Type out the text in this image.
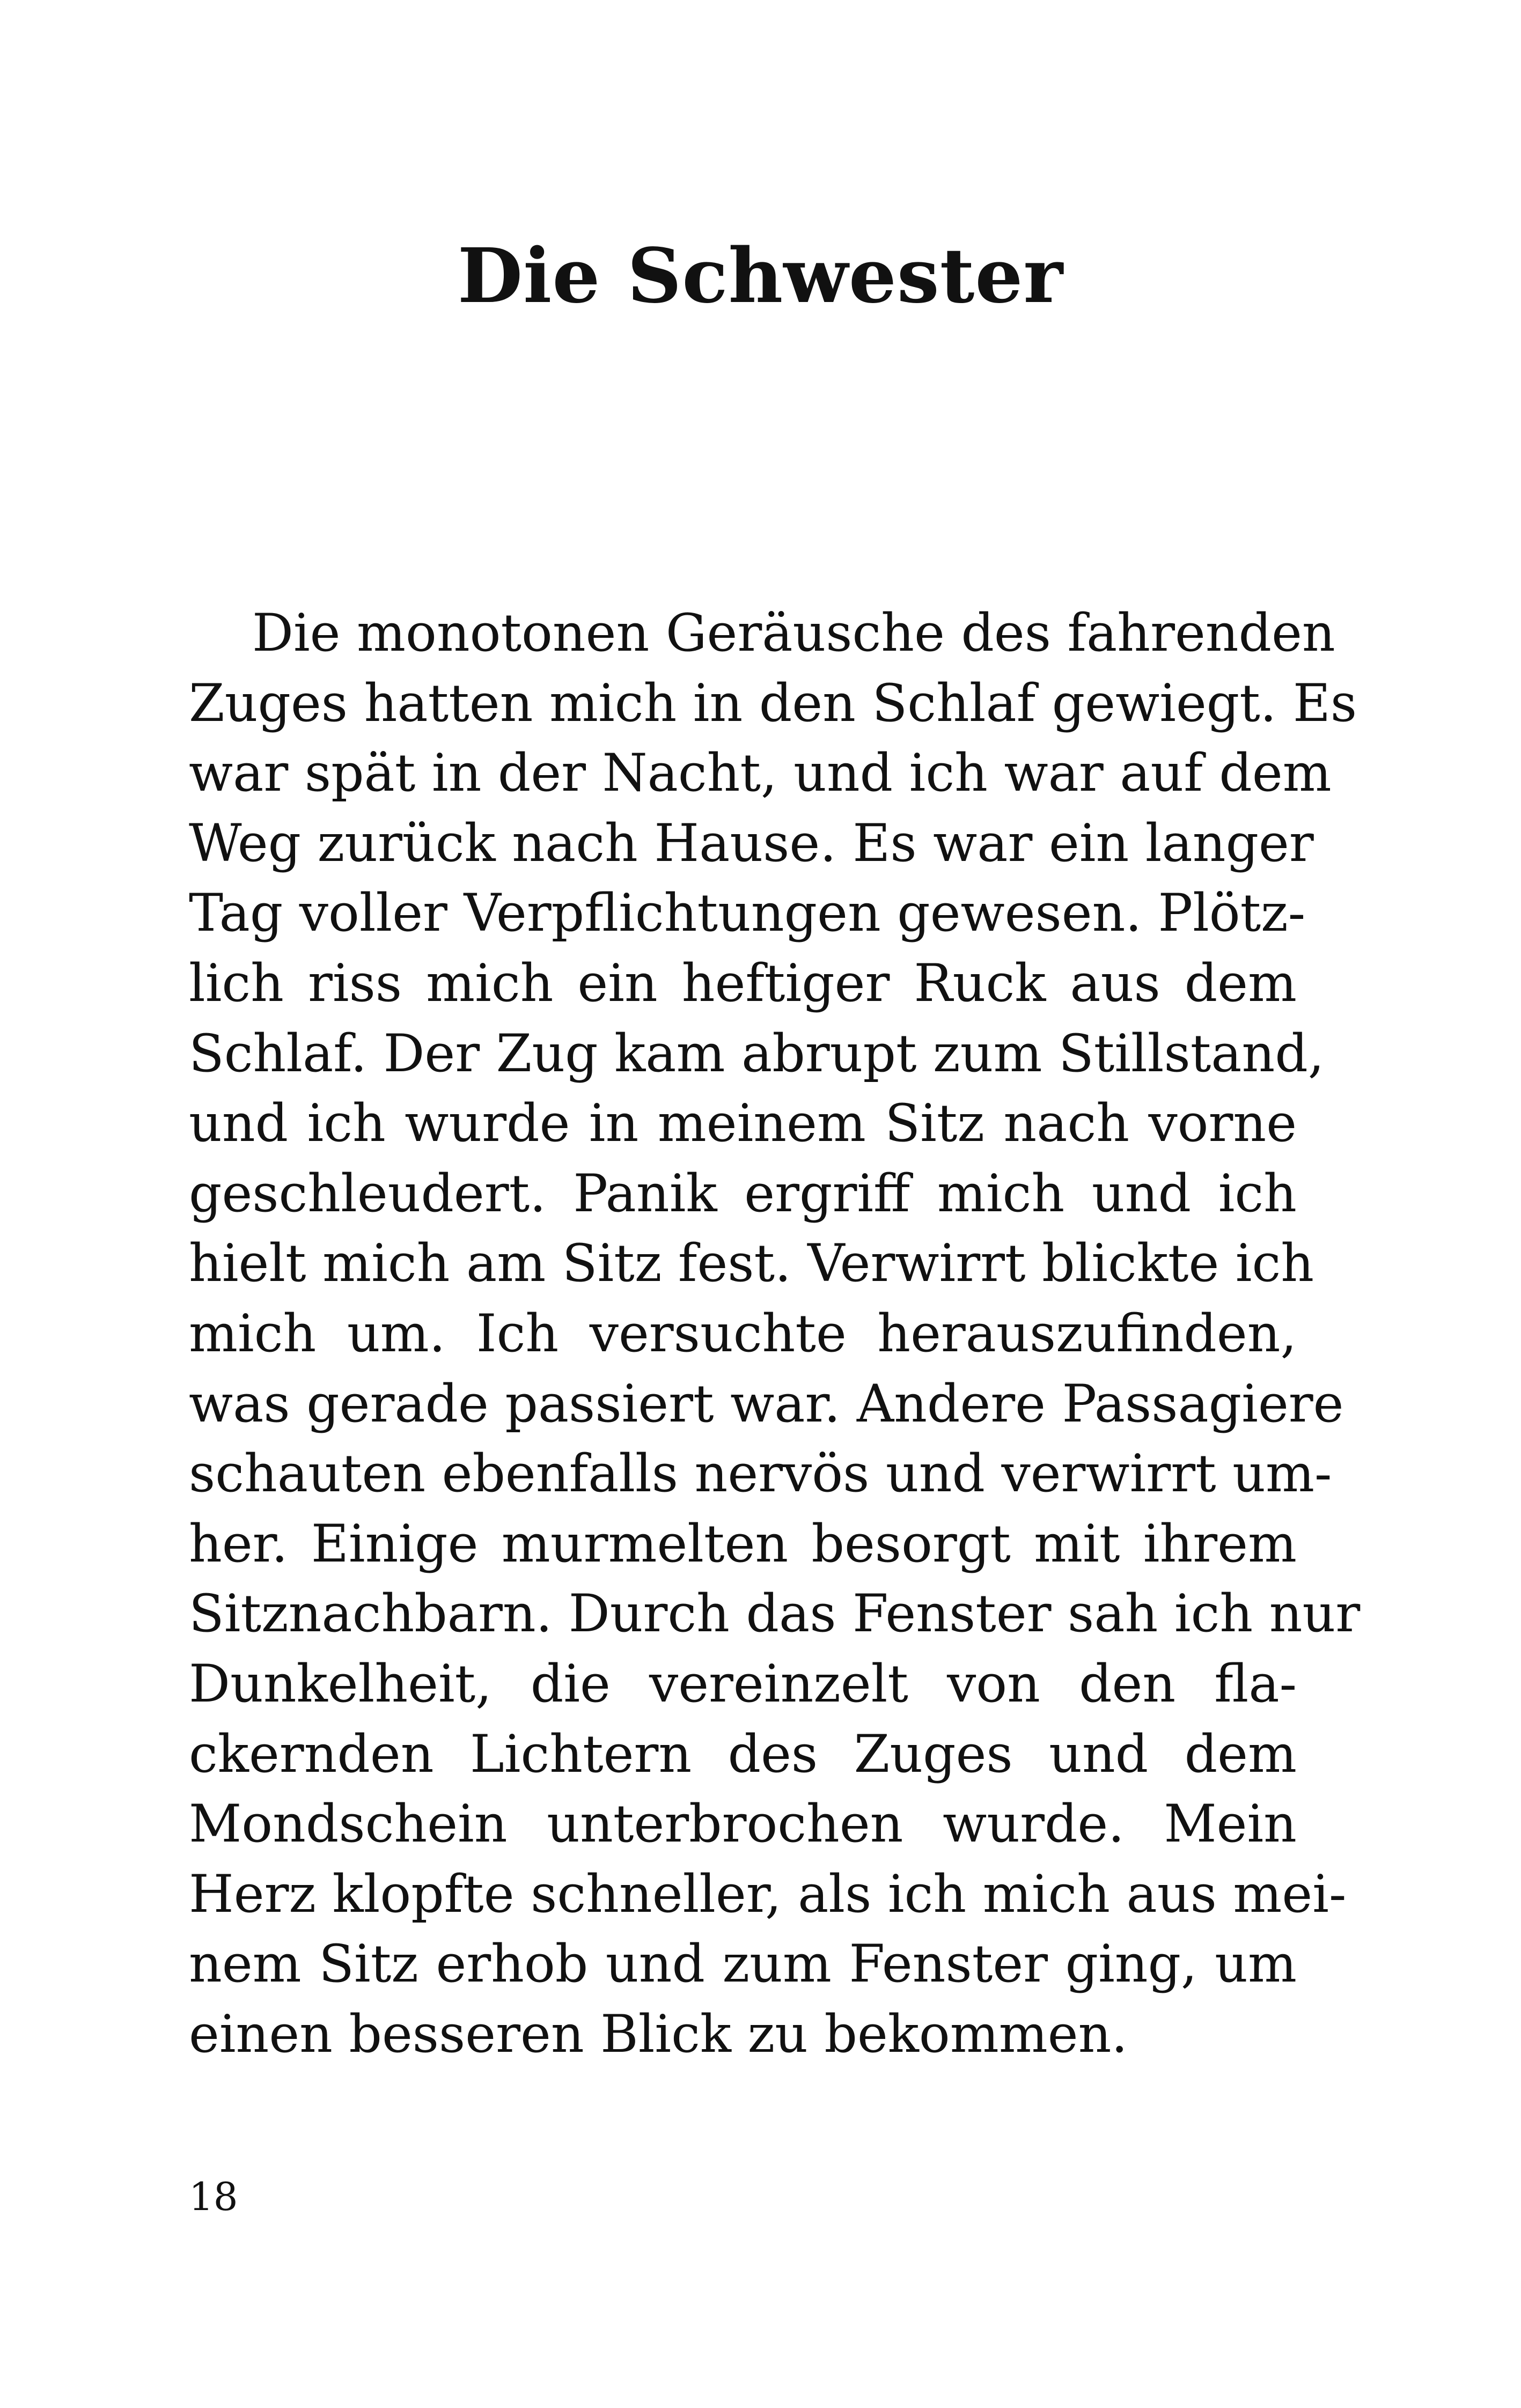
Die Schwester
Die monotonen Geräusche des fahrenden
Zuges hatten mich in den Schlaf gewiegt. Es
war spät in der Nacht, und ich war auf dem
Weg zurück nach Hause. Es war ein langer
Tag voller Verpflichtungen gewesen. Plötz-
lich riss mich ein heftiger Ruck aus dem
Schlaf. Der Zug kam abrupt zum Stillstand,
und ich wurde in meinem Sitz nach vorne
geschleudert. Panik ergriff mich und ich
hielt mich am Sitz fest. Verwirrt blickte ich
mich um. Ich versuchte herauszufinden,
was gerade passiert war. Andere Passagiere
schauten ebenfalls nervös und verwirrt um-
her. Einige murmelten besorgt mit ihrem
Sitznachbarn. Durch das Fenster sah ich nur
Dunkelheit, die vereinzelt von den fla-
ckernden Lichtern des Zuges und dem
Mondschein unterbrochen wurde. Mein
Herz klopfte schneller, als ich mich aus mei-
nem Sitz erhob und zum Fenster ging, um
einen besseren Blick zu bekommen.
18
